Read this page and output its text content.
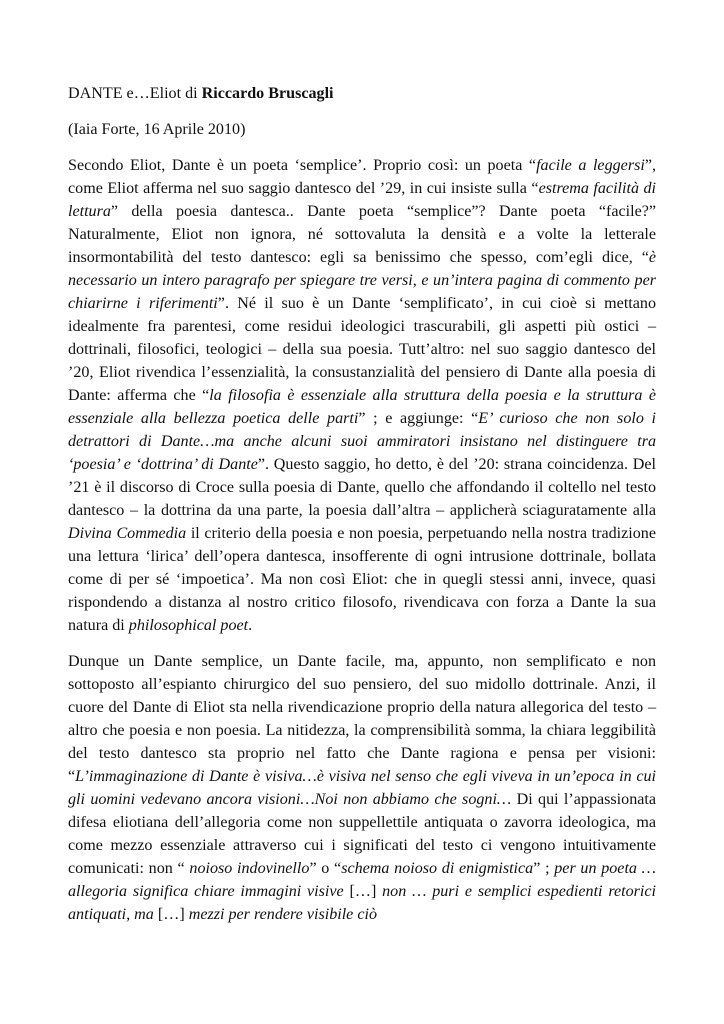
DANTE e…Eliot di Riccardo Bruscagli

(Iaia Forte, 16 Aprile 2010)

Secondo Eliot, Dante è un poeta ‘semplice’. Proprio così: un poeta “facile a leggersi”, come Eliot afferma nel suo saggio dantesco del ’29, in cui insiste sulla “estrema facilità di lettura” della poesia dantesca.. Dante poeta “semplice”? Dante poeta “facile?” Naturalmente, Eliot non ignora, né sottovaluta la densità e a volte la letterale insormontabilità del testo dantesco: egli sa benissimo che spesso, com’egli dice, “è necessario un intero paragrafo per spiegare tre versi, e un’intera pagina di commento per chiarirne i riferimenti”. Né il suo è un Dante ‘semplificato’, in cui cioè si mettano idealmente fra parentesi, come residui ideologici trascurabili, gli aspetti più ostici – dottrinali, filosofici, teologici – della sua poesia. Tutt’altro: nel suo saggio dantesco del ’20, Eliot rivendica l’essenzialità, la consustanzialità del pensiero di Dante alla poesia di Dante: afferma che “la filosofia è essenziale alla struttura della poesia e la struttura è essenziale alla bellezza poetica delle parti” ; e aggiunge: “E’ curioso che non solo i detrattori di Dante…ma anche alcuni suoi ammiratori insistano nel distinguere tra ‘poesia’ e ‘dottrina’ di Dante”. Questo saggio, ho detto, è del ’20: strana coincidenza. Del ’21 è il discorso di Croce sulla poesia di Dante, quello che affondando il coltello nel testo dantesco – la dottrina da una parte, la poesia dall’altra – applicherà sciaguratamente alla Divina Commedia il criterio della poesia e non poesia, perpetuando nella nostra tradizione una lettura ‘lirica’ dell’opera dantesca, insofferente di ogni intrusione dottrinale, bollata come di per sé ‘impoetica’. Ma non così Eliot: che in quegli stessi anni, invece, quasi rispondendo a distanza al nostro critico filosofo, rivendicava con forza a Dante la sua natura di philosophical poet.

Dunque un Dante semplice, un Dante facile, ma, appunto, non semplificato e non sottoposto all’espianto chirurgico del suo pensiero, del suo midollo dottrinale. Anzi, il cuore del Dante di Eliot sta nella rivendicazione proprio della natura allegorica del testo – altro che poesia e non poesia. La nitidezza, la comprensibilità somma, la chiara leggibilità del testo dantesco sta proprio nel fatto che Dante ragiona e pensa per visioni: “L’immaginazione di Dante è visiva…è visiva nel senso che egli viveva in un’epoca in cui gli uomini vedevano ancora visioni…Noi non abbiamo che sogni… Di qui l’appassionata difesa eliotiana dell’allegoria come non suppellettile antiquata o zavorra ideologica, ma come mezzo essenziale attraverso cui i significati del testo ci vengono intuitivamente comunicati: non “ noioso indovinello” o “schema noioso di enigmistica” ; per un poeta … allegoria significa chiare immagini visive […] non … puri e semplici espedienti retorici antiquati, ma […] mezzi per rendere visibile ciò
